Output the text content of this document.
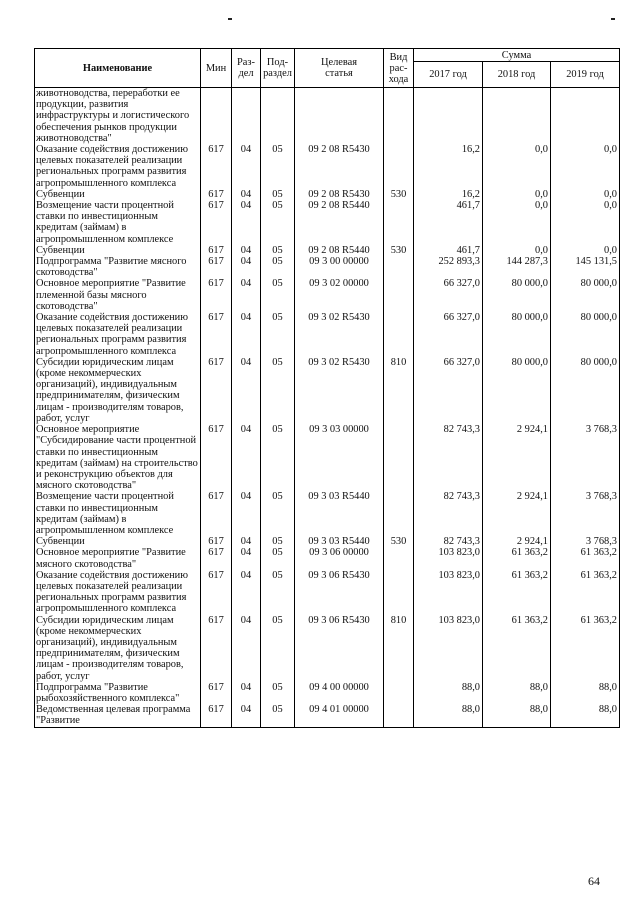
Наименование	Мин	Раз-
дел	Под-
раздел	Целевая
статья	Вид
рас-
хода	Сумма		
						2017 год	2018 год	2019 год
животноводства, переработки ее продукции, развития инфраструктуры и логистического обеспечения рынков продукции животноводства"								
Оказание содействия достижению целевых показателей реализации региональных программ развития агропромышленного комплекса	617	04	05	09 2 08 R5430		16,2	0,0	0,0
Субвенции	617	04	05	09 2 08 R5430	530	16,2	0,0	0,0
Возмещение части процентной ставки по инвестиционным кредитам (займам) в агропромышленном комплексе	617	04	05	09 2 08 R5440		461,7	0,0	0,0
Субвенции	617	04	05	09 2 08 R5440	530	461,7	0,0	0,0
Подпрограмма "Развитие мясного скотоводства"	617	04	05	09 3 00 00000		252 893,3	144 287,3	145 131,5
Основное мероприятие "Развитие племенной базы мясного скотоводства"	617	04	05	09 3 02 00000		66 327,0	80 000,0	80 000,0
Оказание содействия достижению целевых показателей реализации региональных программ развития агропромышленного комплекса	617	04	05	09 3 02 R5430		66 327,0	80 000,0	80 000,0
Субсидии юридическим лицам (кроме некоммерческих организаций), индивидуальным предпринимателям, физическим лицам - производителям товаров, работ, услуг	617	04	05	09 3 02 R5430	810	66 327,0	80 000,0	80 000,0
Основное мероприятие "Субсидирование части процентной ставки по инвестиционным кредитам (займам) на строительство и реконструкцию объектов для мясного скотоводства"	617	04	05	09 3 03 00000		82 743,3	2 924,1	3 768,3
Возмещение части процентной ставки по инвестиционным кредитам (займам) в агропромышленном комплексе	617	04	05	09 3 03 R5440		82 743,3	2 924,1	3 768,3
Субвенции	617	04	05	09 3 03 R5440	530	82 743,3	2 924,1	3 768,3
Основное мероприятие "Развитие мясного скотоводства"	617	04	05	09 3 06 00000		103 823,0	61 363,2	61 363,2
Оказание содействия достижению целевых показателей реализации региональных программ развития агропромышленного комплекса	617	04	05	09 3 06 R5430		103 823,0	61 363,2	61 363,2
Субсидии юридическим лицам (кроме некоммерческих организаций), индивидуальным предпринимателям, физическим лицам - производителям товаров, работ, услуг	617	04	05	09 3 06 R5430	810	103 823,0	61 363,2	61 363,2
Подпрограмма "Развитие рыбохозяйственного комплекса"	617	04	05	09 4 00 00000		88,0	88,0	88,0
Ведомственная целевая программа "Развитие	617	04	05	09 4 01 00000		88,0	88,0	88,0
64
